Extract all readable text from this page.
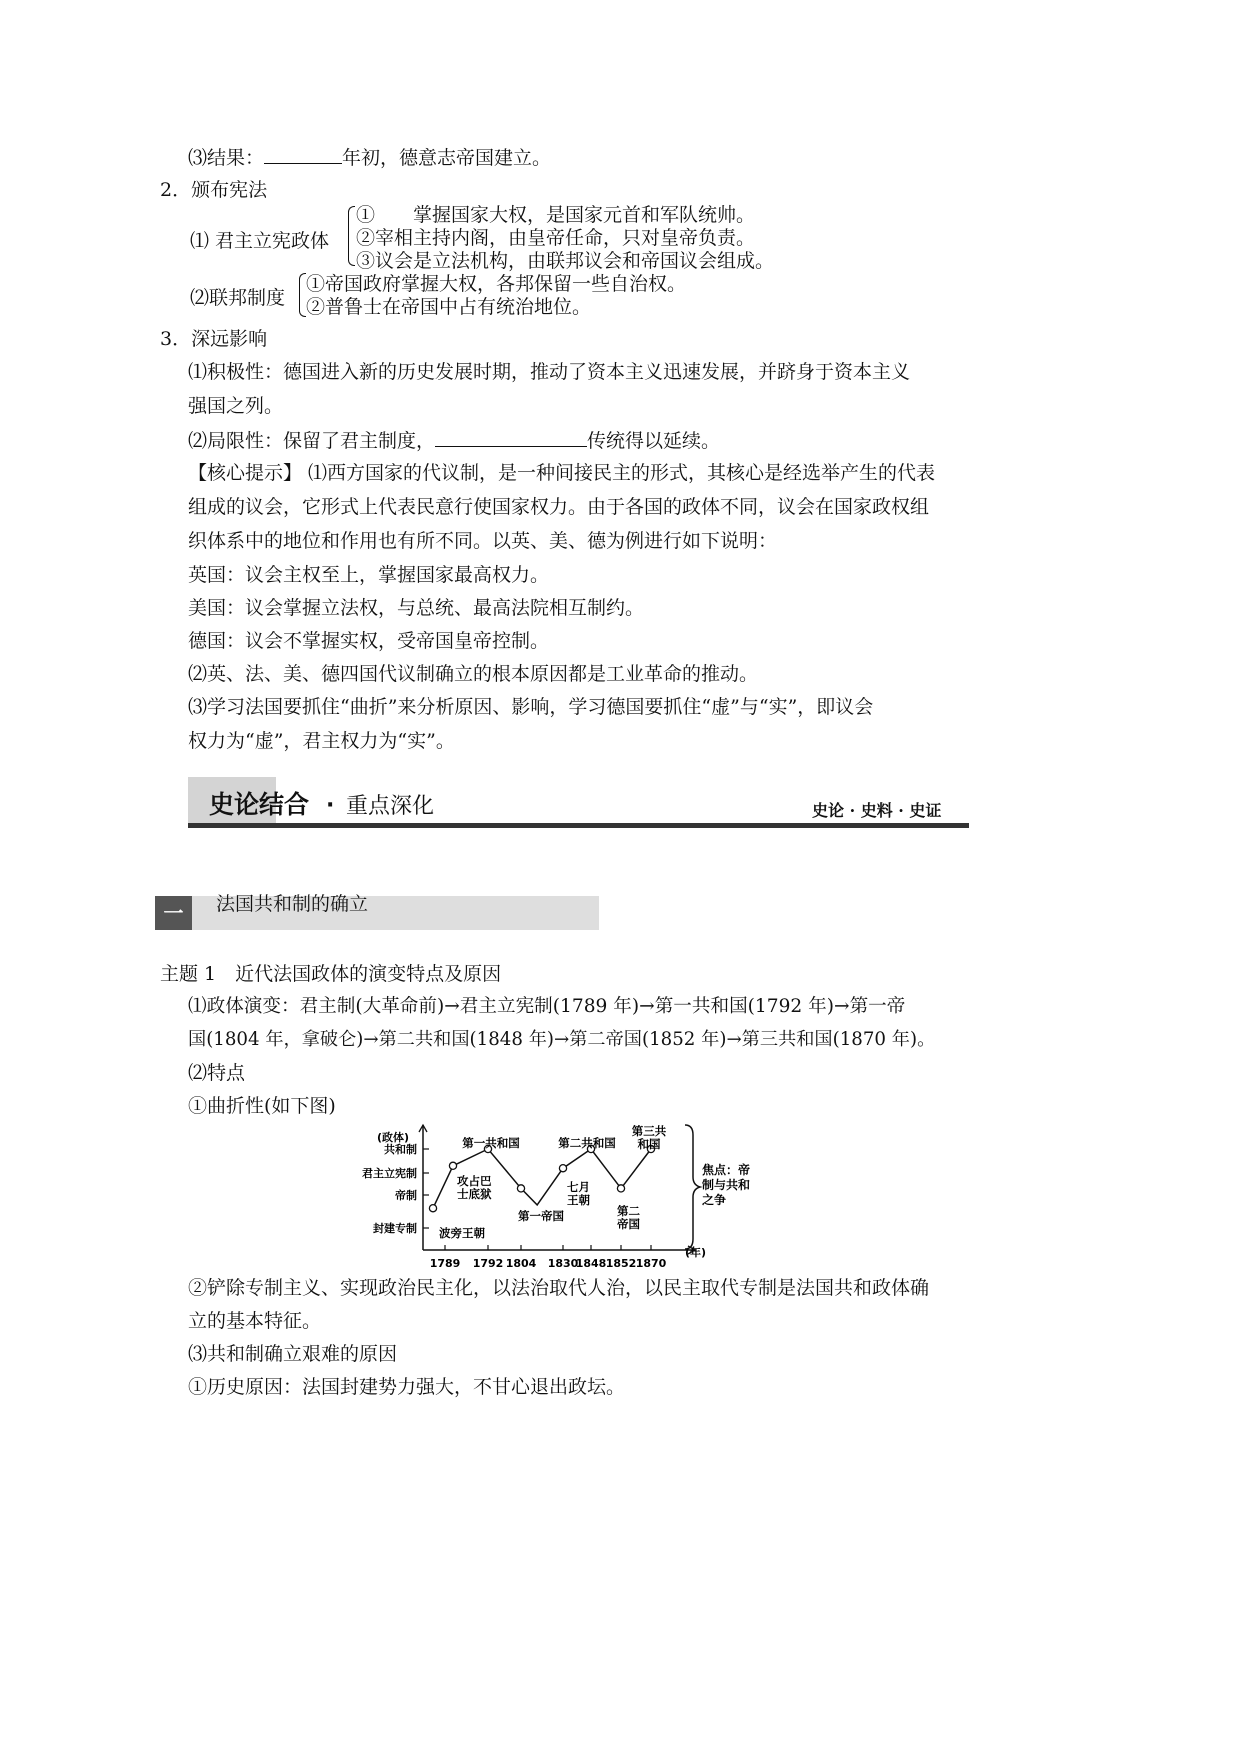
⑶结果：	年初，德意志帝国建立。
2．颁布宪法
⑴ 君主立宪政体
①　　掌握国家大权，是国家元首和军队统帅。
②宰相主持内阁，由皇帝任命，只对皇帝负责。
③议会是立法机构，由联邦议会和帝国议会组成。
⑵联邦制度
①帝国政府掌握大权，各邦保留一些自治权。
②普鲁士在帝国中占有统治地位。
3．深远影响
⑴积极性：德国进入新的历史发展时期，推动了资本主义迅速发展，并跻身于资本主义
强国之列。
⑵局限性：保留了君主制度，	传统得以延续。
【核心提示】 ⑴西方国家的代议制，是一种间接民主的形式，其核心是经选举产生的代表
组成的议会，它形式上代表民意行使国家权力。由于各国的政体不同，议会在国家政权组
织体系中的地位和作用也有所不同。以英、美、德为例进行如下说明：
英国：议会主权至上，掌握国家最高权力。
美国：议会掌握立法权，与总统、最高法院相互制约。
德国：议会不掌握实权，受帝国皇帝控制。
⑵英、法、美、德四国代议制确立的根本原因都是工业革命的推动。
⑶学习法国要抓住“曲折”来分析原因、影响，学习德国要抓住“虚”与“实”，即议会
权力为“虚”，君主权力为“实”。
史论结合 · 重点深化	史论 · 史料 · 史证
一 法国共和制的确立
主题 1　近代法国政体的演变特点及原因
⑴政体演变：君主制(大革命前)→君主立宪制(1789 年)→第一共和国(1792 年)→第一帝
国(1804 年，拿破仑)→第二共和国(1848 年)→第二帝国(1852 年)→第三共和国(1870 年)。
⑵特点
①曲折性(如下图)
(政体)
封建专制
帝制
君主立宪制
共和制
1789 1792 1804 1830
1848 1852 1870
(年)
波旁王朝
攻占巴士底狱
第一共和国
第一帝国
七月王朝
第二共和国
第二帝国
第三共和国
焦点：帝制与共和之争
②铲除专制主义、实现政治民主化，以法治取代人治，以民主取代专制是法国共和政体确
立的基本特征。
⑶共和制确立艰难的原因
①历史原因：法国封建势力强大，不甘心退出政坛。
